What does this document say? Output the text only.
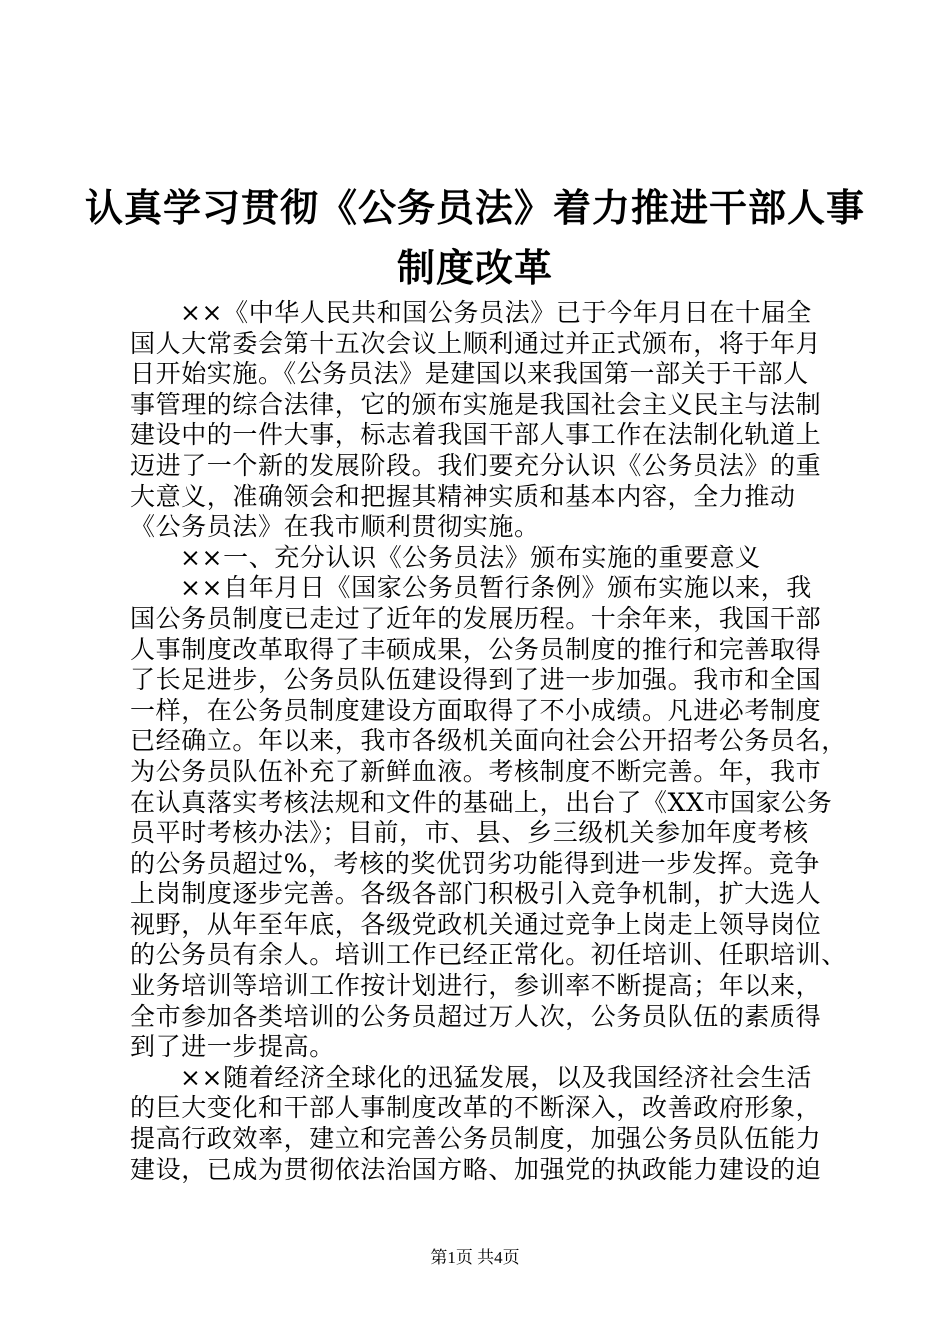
认真学习贯彻《公务员法》着力推进干部人事
制度改革
××《中华人民共和国公务员法》已于今年月日在十届全
国人大常委会第十五次会议上顺利通过并正式颁布，将于年月
日开始实施。《公务员法》是建国以来我国第一部关于干部人
事管理的综合法律，它的颁布实施是我国社会主义民主与法制
建设中的一件大事，标志着我国干部人事工作在法制化轨道上
迈进了一个新的发展阶段。我们要充分认识《公务员法》的重
大意义，准确领会和把握其精神实质和基本内容，全力推动
《公务员法》在我市顺利贯彻实施。
××一、充分认识《公务员法》颁布实施的重要意义
××自年月日《国家公务员暂行条例》颁布实施以来，我
国公务员制度已走过了近年的发展历程。十余年来，我国干部
人事制度改革取得了丰硕成果，公务员制度的推行和完善取得
了长足进步，公务员队伍建设得到了进一步加强。我市和全国
一样，在公务员制度建设方面取得了不小成绩。凡进必考制度
已经确立。年以来，我市各级机关面向社会公开招考公务员名，
为公务员队伍补充了新鲜血液。考核制度不断完善。年，我市
在认真落实考核法规和文件的基础上，出台了《XX市国家公务
员平时考核办法》；目前，市、县、乡三级机关参加年度考核
的公务员超过%，考核的奖优罚劣功能得到进一步发挥。竞争
上岗制度逐步完善。各级各部门积极引入竞争机制，扩大选人
视野，从年至年底，各级党政机关通过竞争上岗走上领导岗位
的公务员有余人。培训工作已经正常化。初任培训、任职培训、
业务培训等培训工作按计划进行，参训率不断提高；年以来，
全市参加各类培训的公务员超过万人次，公务员队伍的素质得
到了进一步提高。
××随着经济全球化的迅猛发展，以及我国经济社会生活
的巨大变化和干部人事制度改革的不断深入，改善政府形象，
提高行政效率，建立和完善公务员制度，加强公务员队伍能力
建设，已成为贯彻依法治国方略、加强党的执政能力建设的迫
第1页 共4页
